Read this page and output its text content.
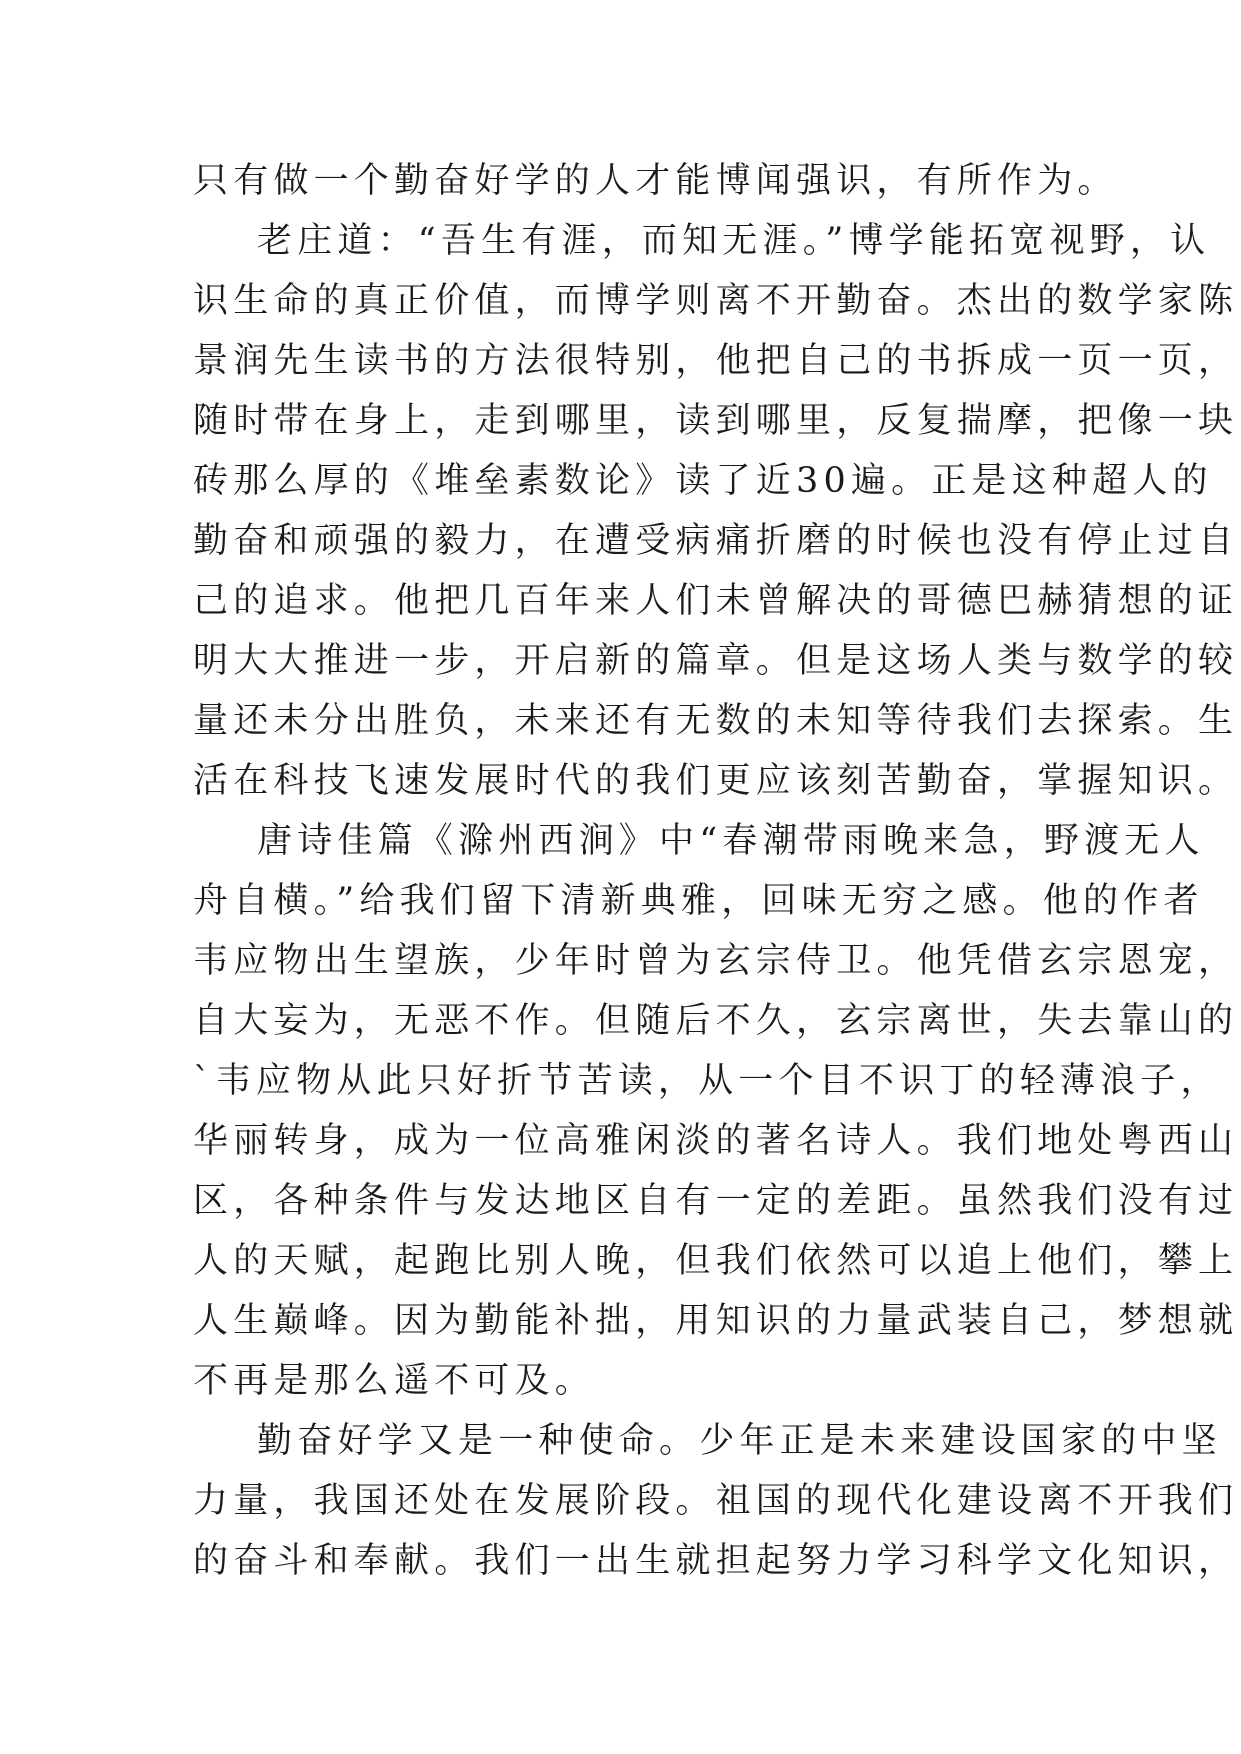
只有做一个勤奋好学的人才能博闻强识，有所作为。
老庄道：“吾生有涯，而知无涯。”博学能拓宽视野，认
识生命的真正价值，而博学则离不开勤奋。杰出的数学家陈
景润先生读书的方法很特别，他把自己的书拆成一页一页，
随时带在身上，走到哪里，读到哪里，反复揣摩，把像一块
砖那么厚的《堆垒素数论》读了近30遍。正是这种超人的
勤奋和顽强的毅力，在遭受病痛折磨的时候也没有停止过自
己的追求。他把几百年来人们未曾解决的哥德巴赫猜想的证
明大大推进一步，开启新的篇章。但是这场人类与数学的较
量还未分出胜负，未来还有无数的未知等待我们去探索。生
活在科技飞速发展时代的我们更应该刻苦勤奋，掌握知识。
唐诗佳篇《滁州西涧》中“春潮带雨晚来急，野渡无人
舟自横。”给我们留下清新典雅，回味无穷之感。他的作者
韦应物出生望族，少年时曾为玄宗侍卫。他凭借玄宗恩宠，
自大妄为，无恶不作。但随后不久，玄宗离世，失去靠山的
`韦应物从此只好折节苦读，从一个目不识丁的轻薄浪子，
华丽转身，成为一位高雅闲淡的著名诗人。我们地处粤西山
区，各种条件与发达地区自有一定的差距。虽然我们没有过
人的天赋，起跑比别人晚，但我们依然可以追上他们，攀上
人生巅峰。因为勤能补拙，用知识的力量武装自己，梦想就
不再是那么遥不可及。
勤奋好学又是一种使命。少年正是未来建设国家的中坚
力量，我国还处在发展阶段。祖国的现代化建设离不开我们
的奋斗和奉献。我们一出生就担起努力学习科学文化知识，
